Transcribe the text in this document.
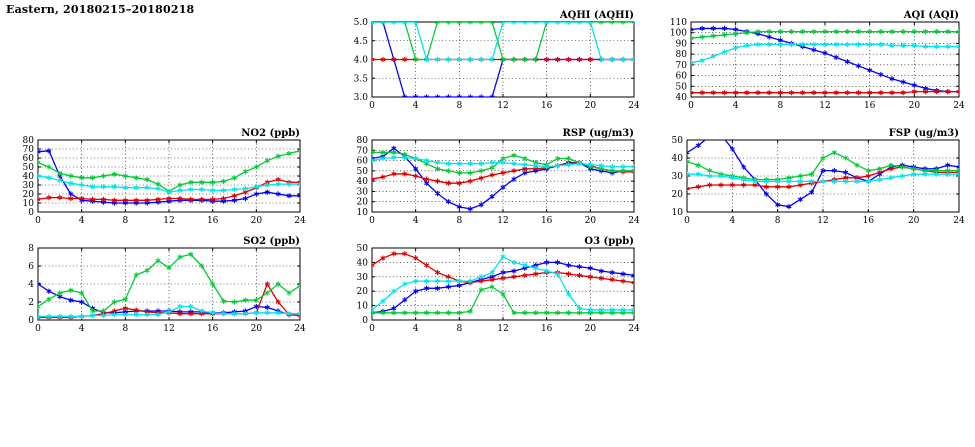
Eastern, 20180215–20180218	AQHI (AQHI)
0	4	8	12	16	20	24
3.0
3.5
4.0
4.5
5.0
AQI (AQI)
0	4	8	12	16	20	24
40
50
60
70
80
90
100
110
NO2 (ppb)
0	4	8	12	16	20	24
0
10
20
30
40
50
60
70
80
RSP (ug/m3)
0	4	8	12	16	20	24
10
20
30
40
50
60
70
80
FSP (ug/m3)
0	4	8	12	16	20	24
10
20
30
40
50
SO2 (ppb)
0	4	8	12	16	20	24
0
2
4
6
8
O3 (ppb)
0	4	8	12	16	20	24
0
10
20
30
40
50
